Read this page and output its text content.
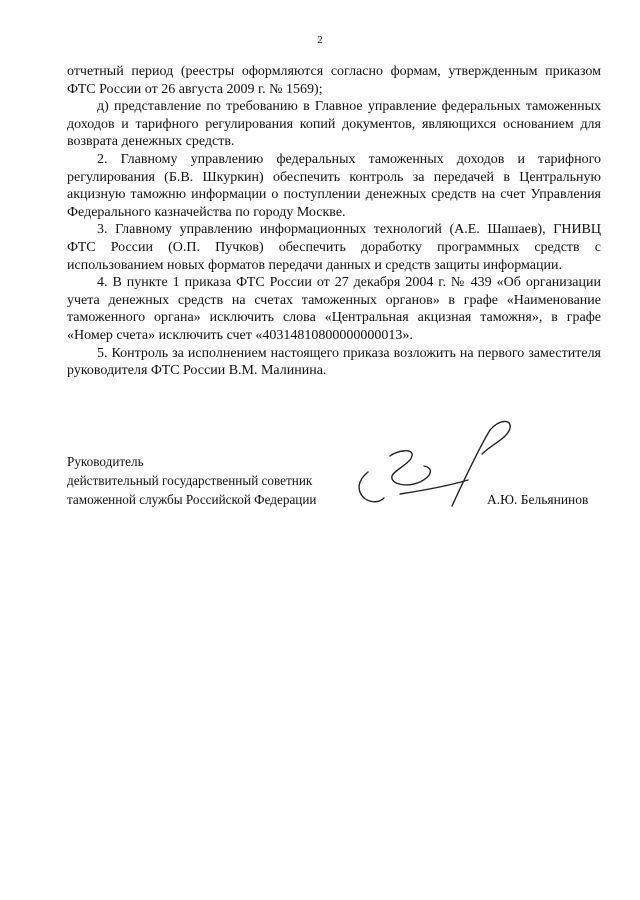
2

отчетный период (реестры оформляются согласно формам, утвержденным приказом ФТС России от 26 августа 2009 г. № 1569);

д) представление по требованию в Главное управление федеральных таможенных доходов и тарифного регулирования копий документов, являющихся основанием для возврата денежных средств.

2. Главному управлению федеральных таможенных доходов и тарифного регулирования (Б.В. Шкуркин) обеспечить контроль за передачей в Центральную акцизную таможню информации о поступлении денежных средств на счет Управления Федерального казначейства по городу Москве.

3. Главному управлению информационных технологий (А.Е. Шашаев), ГНИВЦ ФТС России (О.П. Пучков) обеспечить доработку программных средств с использованием новых форматов передачи данных и средств защиты информации.

4. В пункте 1 приказа ФТС России от 27 декабря 2004 г. № 439 «Об организации учета денежных средств на счетах таможенных органов» в графе «Наименование таможенного органа» исключить слова «Центральная акцизная таможня», в графе «Номер счета» исключить счет «40314810800000000013».

5. Контроль за исполнением настоящего приказа возложить на первого заместителя руководителя ФТС России В.М. Малинина.

Руководитель
действительный государственный советник
таможенной службы Российской Федерации	А.Ю. Бельянинов
